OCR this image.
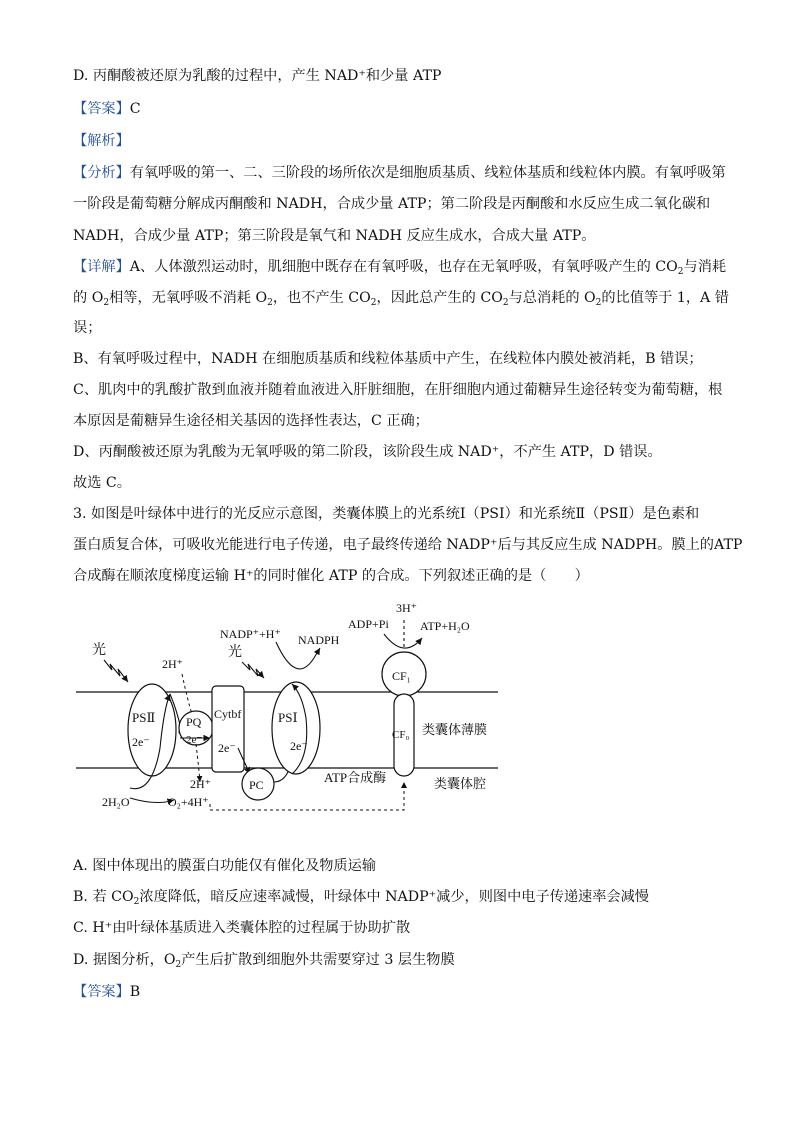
D. 丙酮酸被还原为乳酸的过程中，产生 NAD⁺和少量 ATP
【答案】C
【解析】
【分析】有氧呼吸的第一、二、三阶段的场所依次是细胞质基质、线粒体基质和线粒体内膜。有氧呼吸第
一阶段是葡萄糖分解成丙酮酸和 NADH，合成少量 ATP；第二阶段是丙酮酸和水反应生成二氧化碳和
NADH，合成少量 ATP；第三阶段是氧气和 NADH 反应生成水，合成大量 ATP。
【详解】A、人体激烈运动时，肌细胞中既存在有氧呼吸，也存在无氧呼吸，有氧呼吸产生的 $CO_2$与消耗
的 $O_2$相等，无氧呼吸不消耗 $O_2$，也不产生 $CO_2$，因此总产生的 $CO_2$与总消耗的 $O_2$的比值等于 1，A 错
误；
B、有氧呼吸过程中，NADH 在细胞质基质和线粒体基质中产生，在线粒体内膜处被消耗，B 错误；
C、肌肉中的乳酸扩散到血液并随着血液进入肝脏细胞，在肝细胞内通过葡糖异生途径转变为葡萄糖，根
本原因是葡糖异生途径相关基因的选择性表达，C 正确；
D、丙酮酸被还原为乳酸为无氧呼吸的第二阶段，该阶段生成 NAD⁺，不产生 ATP，D 错误。
故选 C。
3. 如图是叶绿体中进行的光反应示意图，类囊体膜上的光系统Ⅰ（PSⅠ）和光系统Ⅱ（PSⅡ）是色素和
蛋白质复合体，可吸收光能进行电子传递，电子最终传递给 NADP⁺后与其反应生成 NADPH。膜上的ATP
合成酶在顺浓度梯度运输 H⁺的同时催化 ATP 的合成。下列叙述正确的是（　　）
光	光
PSⅡ
2e⁻
PQ
2e⁻
2H⁺
2H⁺
Cytbf
2e⁻
PC
PSⅠ
2e⁻
NADP⁺+H⁺ NADPH
2H₂O	O₂+4H⁺
CF₁
CF₀
3H⁺
ADP+Pi	ATP+H₂O
ATP合成酶
类囊体薄膜
类囊体腔
A. 图中体现出的膜蛋白功能仅有催化及物质运输
B. 若 $CO_2$浓度降低，暗反应速率减慢，叶绿体中 NADP⁺减少，则图中电子传递速率会减慢
C. H⁺由叶绿体基质进入类囊体腔的过程属于协助扩散
D. 据图分析，$O_2$产生后扩散到细胞外共需要穿过 3 层生物膜
【答案】B
